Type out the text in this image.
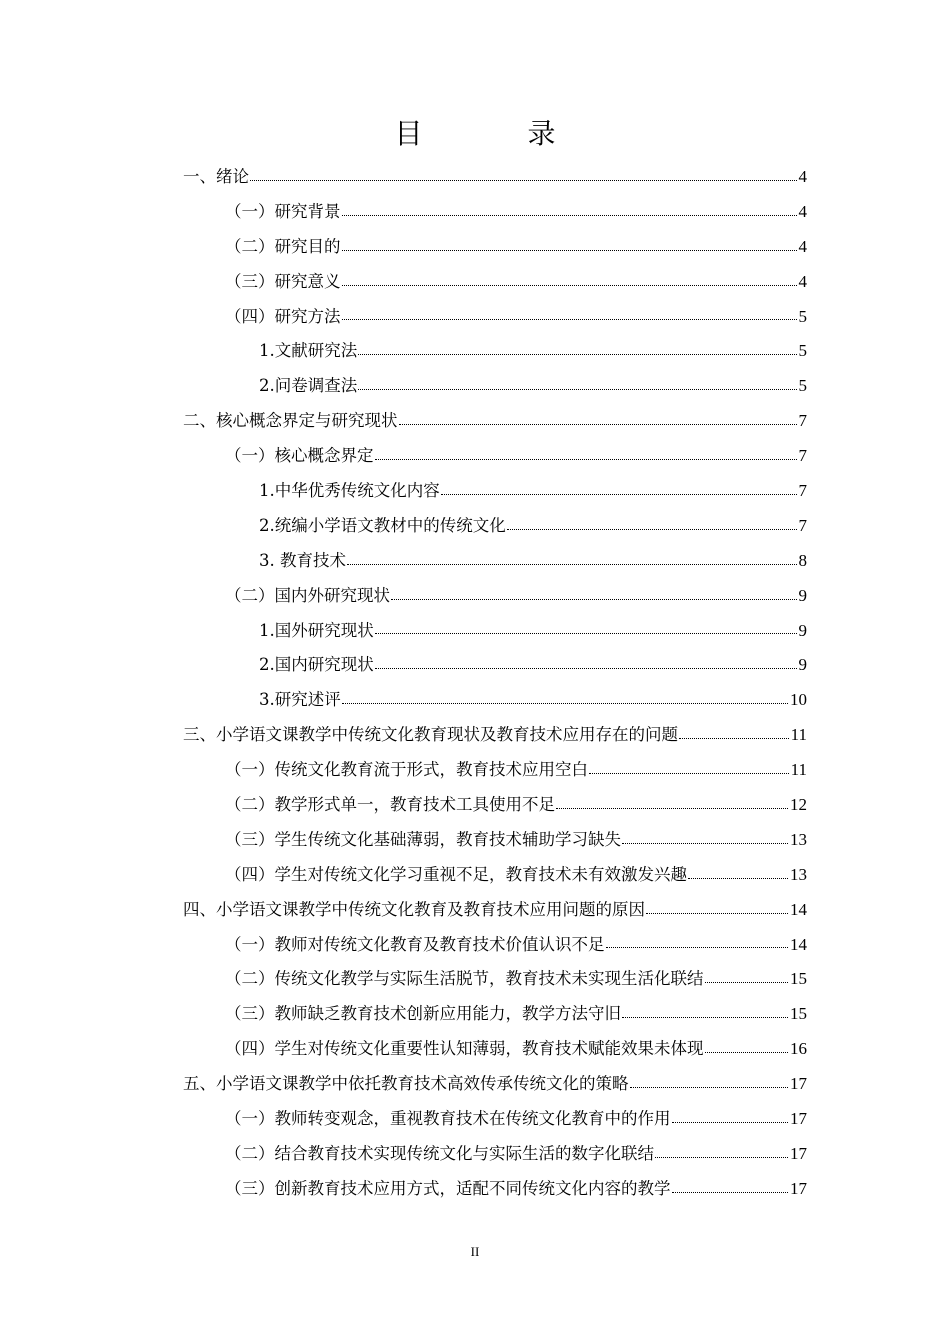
目 录
一、绪论	4
（一）研究背景	4
（二）研究目的	4
（三）研究意义	4
（四）研究方法	5
1.文献研究法	5
2.问卷调查法	5
二、核心概念界定与研究现状	7
（一）核心概念界定	7
1.中华优秀传统文化内容	7
2.统编小学语文教材中的传统文化	7
3. 教育技术	8
（二）国内外研究现状	9
1.国外研究现状	9
2.国内研究现状	9
3.研究述评	10
三、小学语文课教学中传统文化教育现状及教育技术应用存在的问题	11
（一）传统文化教育流于形式，教育技术应用空白	11
（二）教学形式单一，教育技术工具使用不足	12
（三）学生传统文化基础薄弱，教育技术辅助学习缺失	13
（四）学生对传统文化学习重视不足，教育技术未有效激发兴趣	13
四、小学语文课教学中传统文化教育及教育技术应用问题的原因	14
（一）教师对传统文化教育及教育技术价值认识不足	14
（二）传统文化教学与实际生活脱节，教育技术未实现生活化联结	15
（三）教师缺乏教育技术创新应用能力，教学方法守旧	15
（四）学生对传统文化重要性认知薄弱，教育技术赋能效果未体现	16
五、小学语文课教学中依托教育技术高效传承传统文化的策略	17
（一）教师转变观念，重视教育技术在传统文化教育中的作用	17
（二）结合教育技术实现传统文化与实际生活的数字化联结	17
（三）创新教育技术应用方式，适配不同传统文化内容的教学	17
II
